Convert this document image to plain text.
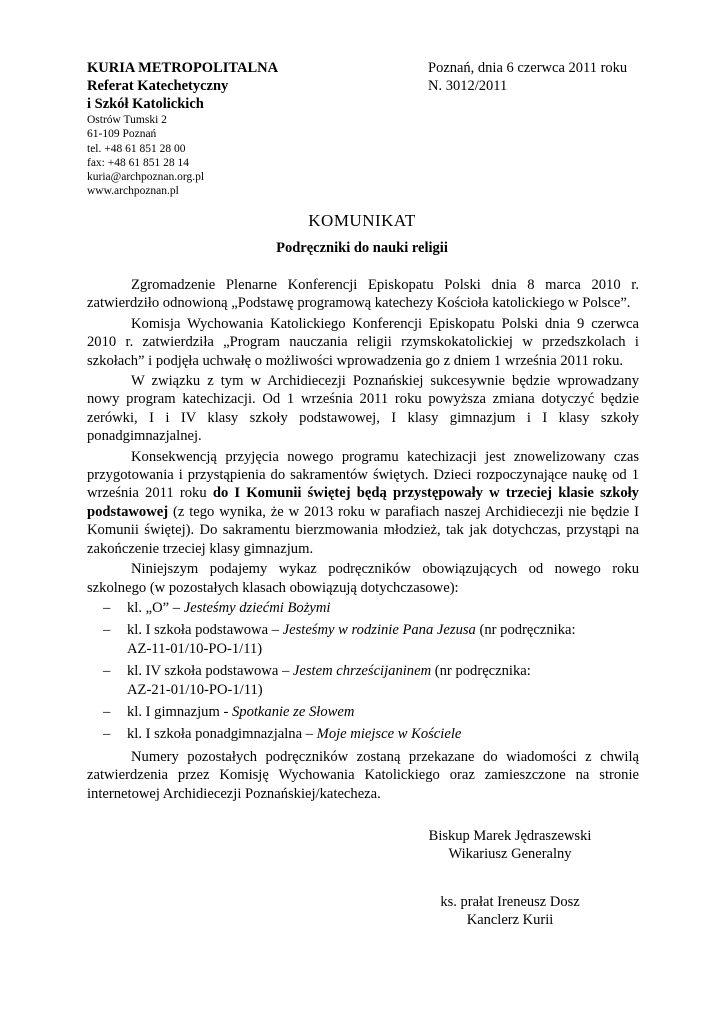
KURIA METROPOLITALNA
Referat Katechetyczny
i Szkół Katolickich
Ostrów Tumski 2
61-109 Poznań
tel. +48 61 851 28 00
fax: +48 61 851 28 14
kuria@archpoznan.org.pl
www.archpoznan.pl
Poznań, dnia 6 czerwca 2011 roku
N. 3012/2011
KOMUNIKAT
Podręczniki do nauki religii

Zgromadzenie Plenarne Konferencji Episkopatu Polski dnia 8 marca 2010 r. zatwierdziło odnowioną „Podstawę programową katechezy Kościoła katolickiego w Polsce”.

Komisja Wychowania Katolickiego Konferencji Episkopatu Polski dnia 9 czerwca 2010 r. zatwierdziła „Program nauczania religii rzymskokatolickiej w przedszkolach i szkołach” i podjęła uchwałę o możliwości wprowadzenia go z dniem 1 września 2011 roku.

W związku z tym w Archidiecezji Poznańskiej sukcesywnie będzie wprowadzany nowy program katechizacji. Od 1 września 2011 roku powyższa zmiana dotyczyć będzie zerówki, I i IV klasy szkoły podstawowej, I klasy gimnazjum i I klasy szkoły ponadgimnazjalnej.

Konsekwencją przyjęcia nowego programu katechizacji jest znowelizowany czas przygotowania i przystąpienia do sakramentów świętych. Dzieci rozpoczynające naukę od 1 września 2011 roku do I Komunii świętej będą przystępowały w trzeciej klasie szkoły podstawowej (z tego wynika, że w 2013 roku w parafiach naszej Archidiecezji nie będzie I Komunii świętej). Do sakramentu bierzmowania młodzież, tak jak dotychczas, przystąpi na zakończenie trzeciej klasy gimnazjum.

Niniejszym podajemy wykaz podręczników obowiązujących od nowego roku szkolnego (w pozostałych klasach obowiązują dotychczasowe):

– kl. „O” – Jesteśmy dziećmi Bożymi
– kl. I szkoła podstawowa – Jesteśmy w rodzinie Pana Jezusa (nr podręcznika:
AZ-11-01/10-PO-1/11)
– kl. IV szkoła podstawowa – Jestem chrześcijaninem (nr podręcznika:
AZ-21-01/10-PO-1/11)
– kl. I gimnazjum - Spotkanie ze Słowem
– kl. I szkoła ponadgimnazjalna – Moje miejsce w Kościele

Numery pozostałych podręczników zostaną przekazane do wiadomości z chwilą zatwierdzenia przez Komisję Wychowania Katolickiego oraz zamieszczone na stronie internetowej Archidiecezji Poznańskiej/katecheza.

Biskup Marek Jędraszewski
Wikariusz Generalny
ks. prałat Ireneusz Dosz
Kanclerz Kurii
